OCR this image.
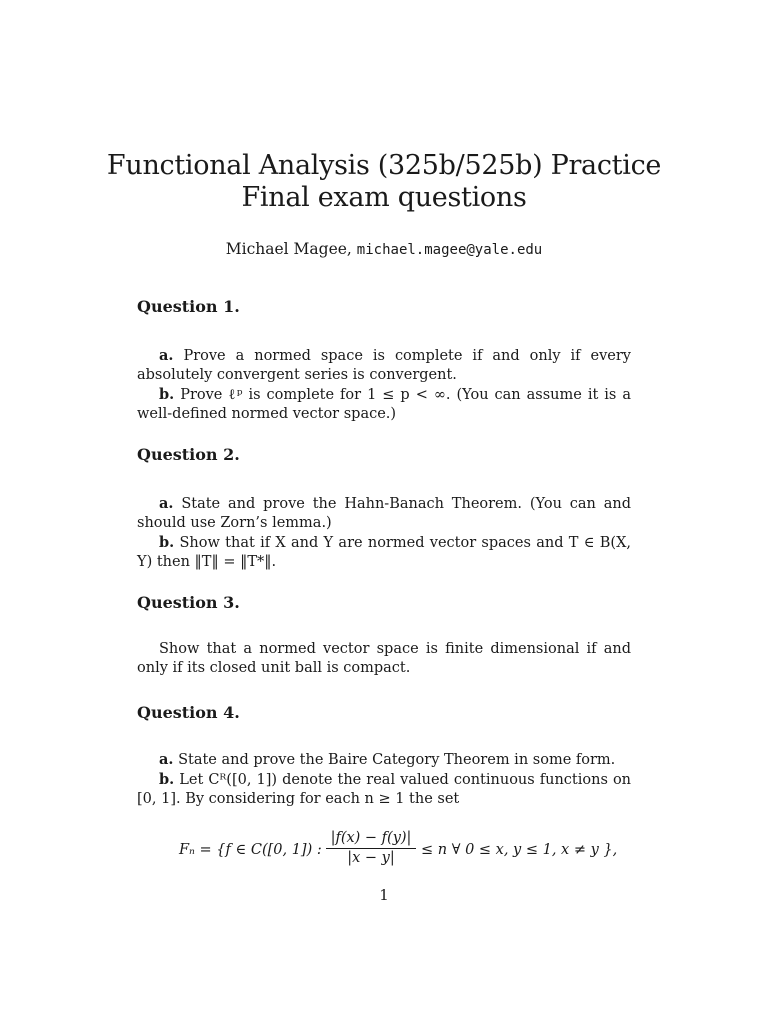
Functional Analysis (325b/525b) Practice Final exam questions
Michael Magee, michael.magee@yale.edu
Question 1.
a. Prove a normed space is complete if and only if every absolutely convergent series is convergent.
b. Prove ℓᵖ is complete for 1 ≤ p < ∞. (You can assume it is a well-defined normed vector space.)
Question 2.
a. State and prove the Hahn-Banach Theorem. (You can and should use Zorn’s lemma.)
b. Show that if X and Y are normed vector spaces and T ∈ B(X, Y) then ‖T‖ = ‖T*‖.
Question 3.
Show that a normed vector space is finite dimensional if and only if its closed unit ball is compact.
Question 4.
a. State and prove the Baire Category Theorem in some form.
b. Let Cᴿ([0, 1]) denote the real valued continuous functions on [0, 1]. By considering for each n ≥ 1 the set
Fₙ = {f ∈ C([0, 1]) :
|f(x) − f(y)|
|x − y|	≤ n ∀ 0 ≤ x, y ≤ 1, x ≠ y },
1
